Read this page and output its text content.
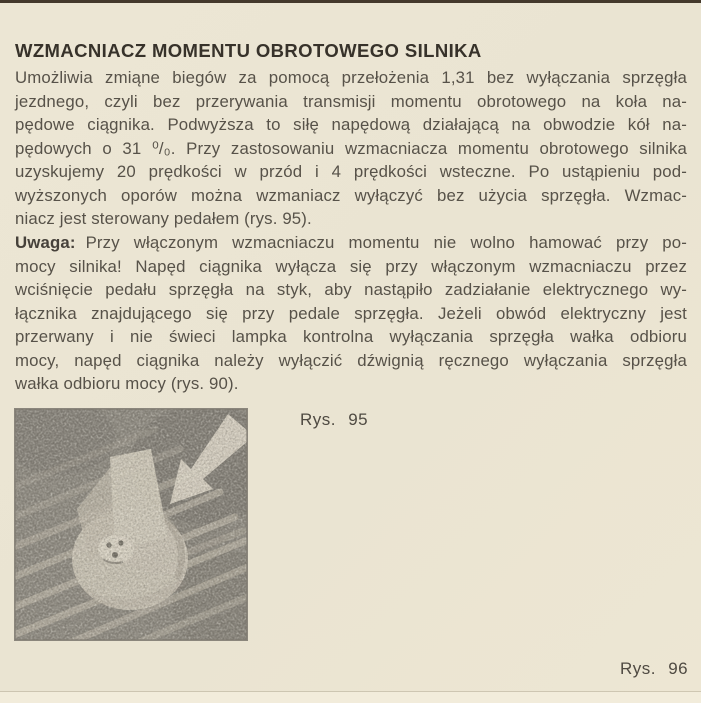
WZMACNIACZ MOMENTU OBROTOWEGO SILNIKA
Umożliwia zmiąne biegów za pomocą przełożenia 1,31 bez wyłączania sprzęgła
jezdnego, czyli bez przerywania transmisji momentu obrotowego na koła na-
pędowe ciągnika. Podwyższa to siłę napędową działającą na obwodzie kół na-
pędowych o 31 ⁰/₀. Przy zastosowaniu wzmacniacza momentu obrotowego silnika
uzyskujemy 20 prędkości w przód i 4 prędkości wsteczne. Po ustąpieniu pod-
wyższonych oporów można wzmaniacz wyłączyć bez użycia sprzęgła. Wzmac-
niacz jest sterowany pedałem (rys. 95).
Uwaga: Przy włączonym wzmacniaczu momentu nie wolno hamować przy po-
mocy silnika! Napęd ciągnika wyłącza się przy włączonym wzmacniaczu przez
wciśnięcie pedału sprzęgła na styk, aby nastąpiło zadziałanie elektrycznego wy-
łącznika znajdującego się przy pedale sprzęgła. Jeżeli obwód elektryczny jest
przerwany i nie świeci lampka kontrolna wyłączania sprzęgła wałka odbioru
mocy, napęd ciągnika należy wyłączić dźwignią ręcznego wyłączania sprzęgła
wałka odbioru mocy (rys. 90).
Rys. 95
Rys. 96
